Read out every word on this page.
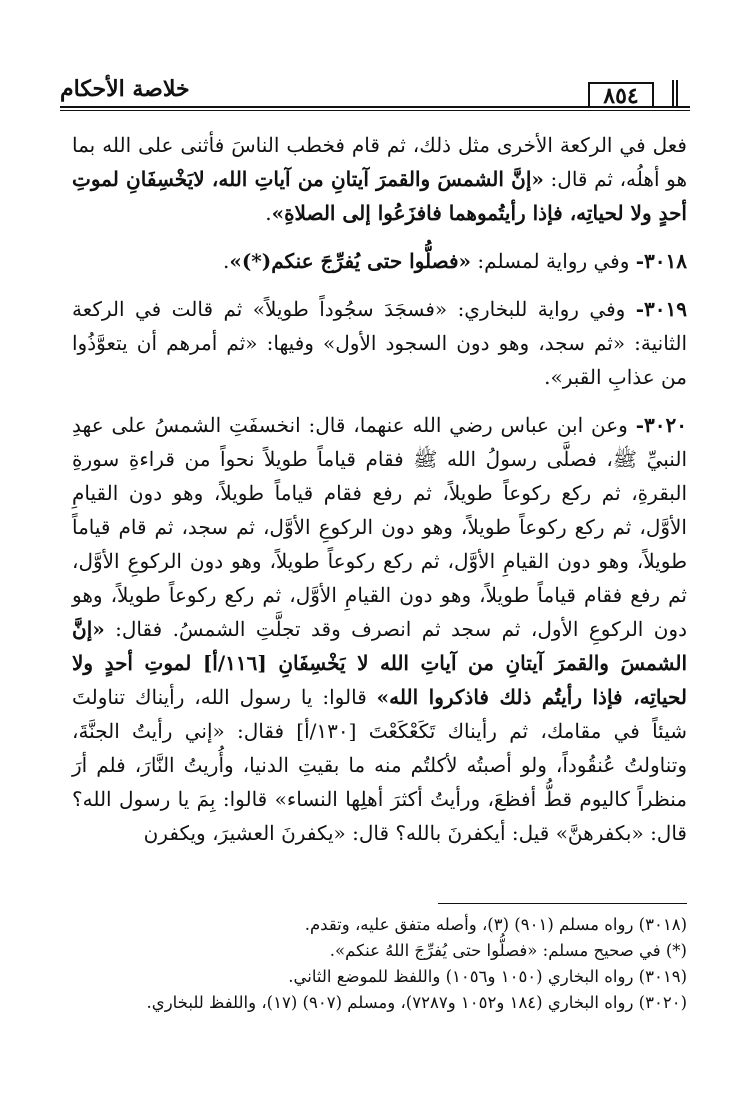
٨٥٤
خلاصة الأحكام

فعل في الركعة الأخرى مثل ذلك، ثم قام فخطب الناسَ فأثنى على الله بما هو أهلُه، ثم قال: «إنَّ الشمسَ والقمرَ آيتانِ من آياتِ الله، لايَخْسِفَانِ لموتِ أحدٍ ولا لحياتِه، فإذا رأيتُموهما فافزَعُوا إلى الصلاةِ».

٣٠١٨- وفي رواية لمسلم: «فصلُّوا حتى يُفرِّجَ عنكم(*)».

٣٠١٩- وفي رواية للبخاري: «فسجَدَ سجُوداً طويلاً» ثم قالت في الركعة الثانية: «ثم سجد، وهو دون السجود الأول» وفيها: «ثم أمرهم أن يتعوَّذُوا من عذابِ القبر».

٣٠٢٠- وعن ابن عباس رضي الله عنهما، قال: انخسفَتِ الشمسُ على عهدِ النبيِّ ﷺ، فصلَّى رسولُ الله ﷺ فقام قياماً طويلاً نحواً من قراءةِ سورةِ البقرةِ، ثم ركع ركوعاً طويلاً، ثم رفع فقام قياماً طويلاً، وهو دون القيامِ الأوَّل، ثم ركع ركوعاً طويلاً، وهو دون الركوعِ الأوَّل، ثم سجد، ثم قام قياماً طويلاً، وهو دون القيامِ الأوَّل، ثم ركع ركوعاً طويلاً، وهو دون الركوعِ الأوَّل، ثم رفع فقام قياماً طويلاً، وهو دون القيامِ الأوَّل، ثم ركع ركوعاً طويلاً، وهو دون الركوعِ الأول، ثم سجد ثم انصرف وقد تجلَّتِ الشمسُ. فقال: «إنَّ الشمسَ والقمرَ آيتانِ من آياتِ الله لا يَخْسِفَانِ [١١٦/أ] لموتِ أحدٍ ولا لحياتِه، فإذا رأيتُم ذلك فاذكروا الله» قالوا: يا رسول الله، رأيناك تناولتَ شيئاً في مقامك، ثم رأيناك تَكَعْكَعْتَ [١٣٠/أ] فقال: «إني رأيتُ الجنَّةَ، وتناولتُ عُنقُوداً، ولو أصبتُه لأكلتُم منه ما بقيتِ الدنيا، وأُريتُ النَّارَ، فلم أرَ منظراً كاليوم قطُّ أفظعَ، ورأيتُ أكثرَ أهلِها النساء» قالوا: بِمَ يا رسول الله؟ قال: «بكفرهنَّ» قيل: أيكفرنَ بالله؟ قال: «يكفرنَ العشيرَ، ويكفرن

(٣٠١٨) رواه مسلم (٩٠١) (٣)، وأصله متفق عليه، وتقدم.

(*) في صحيح مسلم: «فصلُّوا حتى يُفرِّجَ اللهُ عنكم».

(٣٠١٩) رواه البخاري (١٠٥٠ و١٠٥٦) واللفظ للموضع الثاني.

(٣٠٢٠) رواه البخاري (١٨٤ و١٠٥٢ و٧٢٨٧)، ومسلم (٩٠٧) (١٧)، واللفظ للبخاري.
